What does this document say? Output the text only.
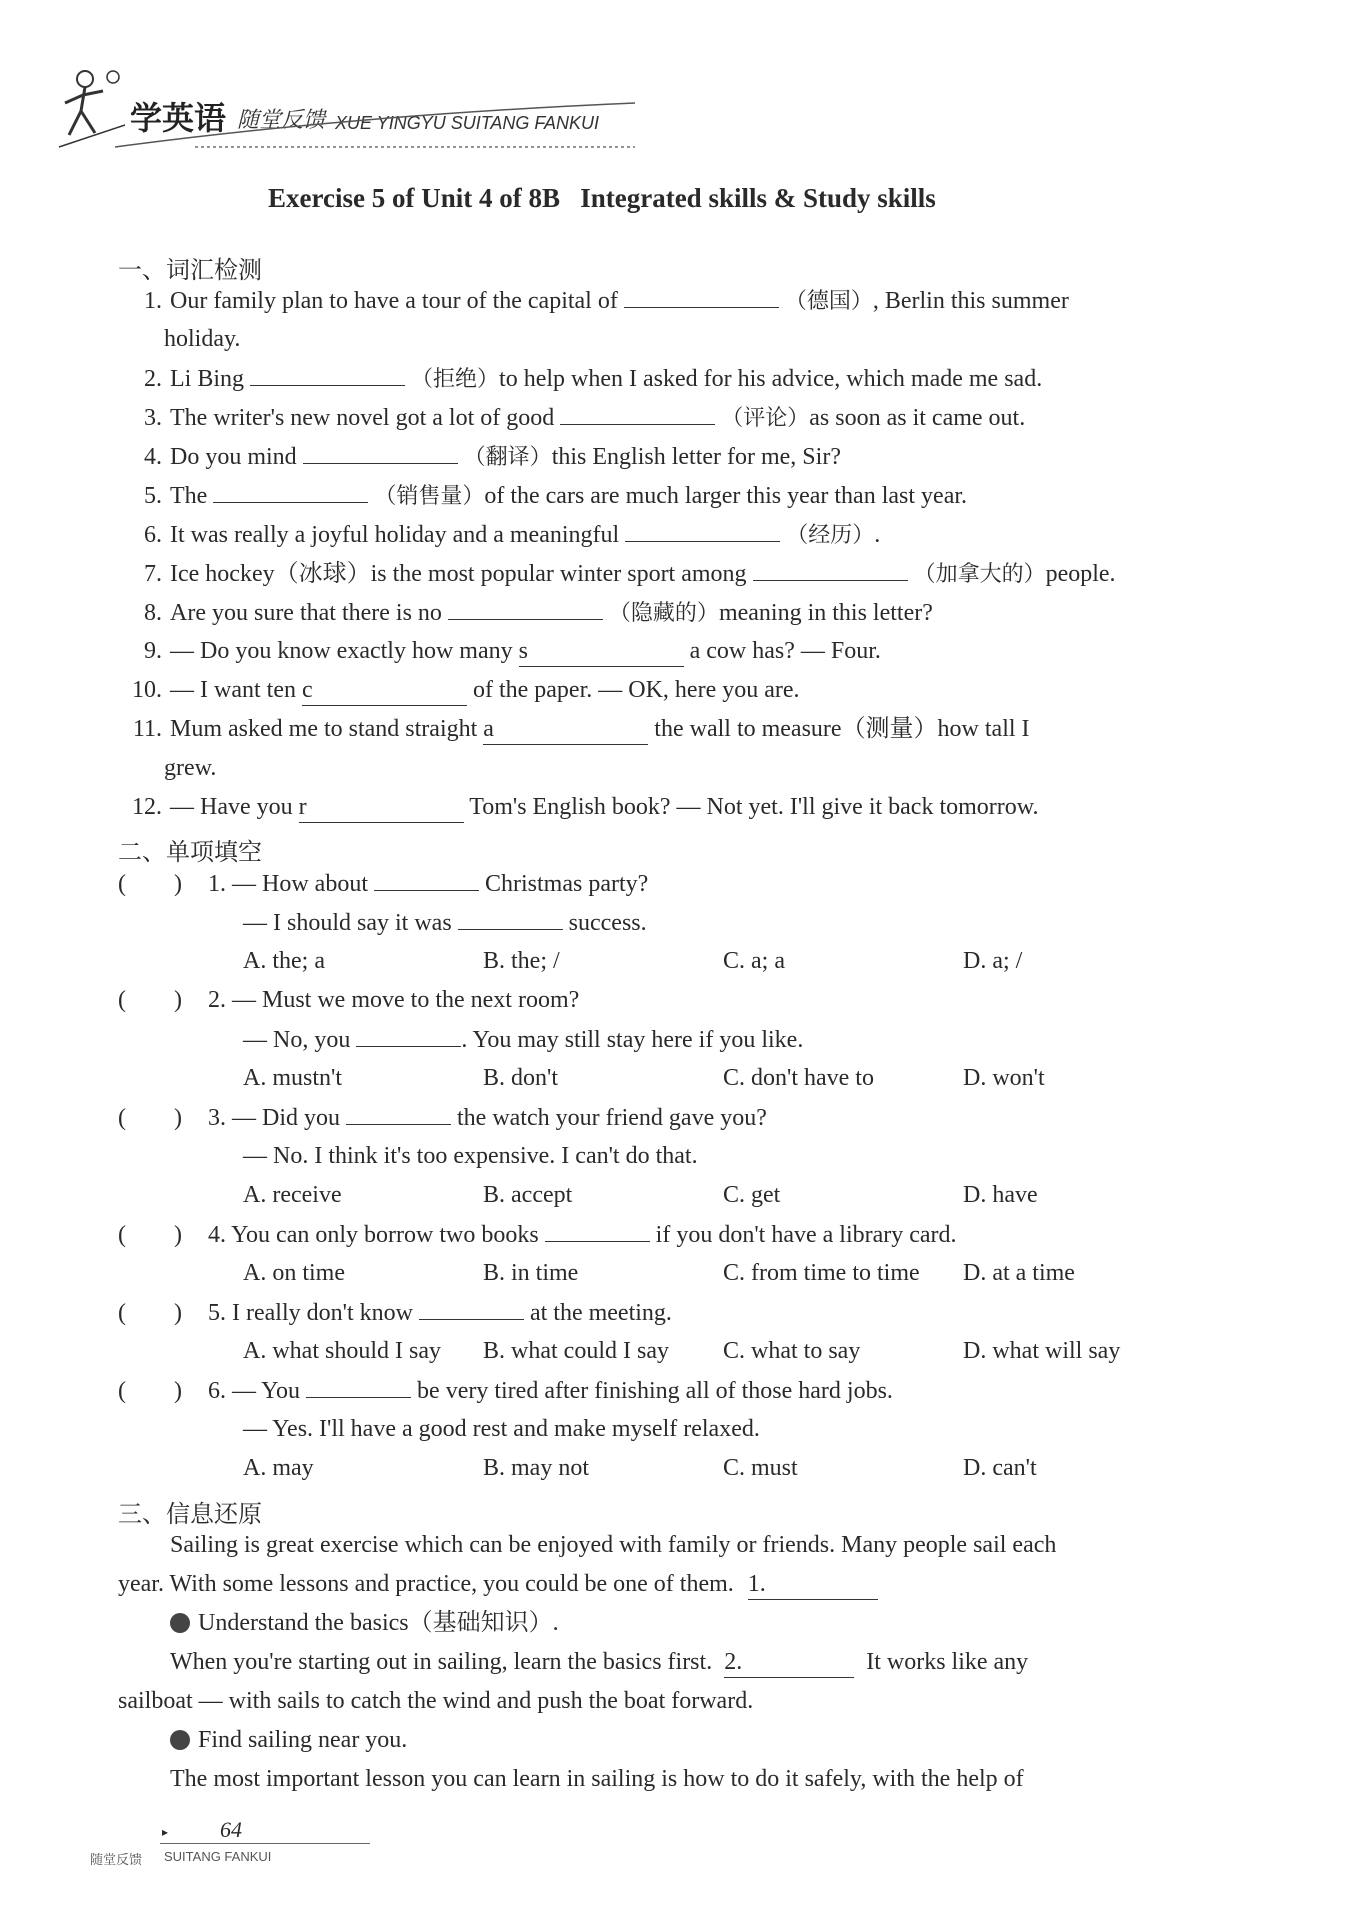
学英语 随堂反馈 XUE YINGYU SUITANG FANKUI
Exercise 5 of Unit 4 of 8B   Integrated skills & Study skills
一、词汇检测
1. Our family plan to have a tour of the capital of	（德国）, Berlin this summer
holiday.
2. Li Bing	（拒绝）to help when I asked for his advice, which made me sad.
3. The writer's new novel got a lot of good	（评论）as soon as it came out.
4. Do you mind	（翻译）this English letter for me, Sir?
5. The	（销售量）of the cars are much larger this year than last year.
6. It was really a joyful holiday and a meaningful	（经历）.
7. Ice hockey（冰球）is the most popular winter sport among	（加拿大的）people.
8. Are you sure that there is no	（隐藏的）meaning in this letter?
9. — Do you know exactly how many s	a cow has? — Four.
10. — I want ten c	of the paper. — OK, here you are.
11. Mum asked me to stand straight a	the wall to measure（测量）how tall I
grew.
12. — Have you r	Tom's English book? — Not yet. I'll give it back tomorrow.
二、单项填空
(        ) 1. — How about	Christmas party?
— I should say it was	success.
A. the; a	B. the; /	C. a; a	D. a; /
(        ) 2. — Must we move to the next room?
— No, you	. You may still stay here if you like.
A. mustn't	B. don't	C. don't have to	D. won't
(        ) 3. — Did you	the watch your friend gave you?
— No. I think it's too expensive. I can't do that.
A. receive	B. accept	C. get	D. have
(        ) 4. You can only borrow two books	if you don't have a library card.
A. on time	B. in time	C. from time to time D. at a time
(        ) 5. I really don't know	at the meeting.
A. what should I say B. what could I say C. what to say	D. what will say
(        ) 6. — You	be very tired after finishing all of those hard jobs.
— Yes. I'll have a good rest and make myself relaxed.
A. may	B. may not	C. must	D. can't
三、信息还原
Sailing is great exercise which can be enjoyed with family or friends. Many people sail each
year. With some lessons and practice, you could be one of them. 1.
Understand the basics（基础知识）.
When you're starting out in sailing, learn the basics first. 2.	It works like any
sailboat — with sails to catch the wind and push the boat forward.
Find sailing near you.
The most important lesson you can learn in sailing is how to do it safely, with the help of
▸ 64
随堂反馈 SUITANG FANKUI
